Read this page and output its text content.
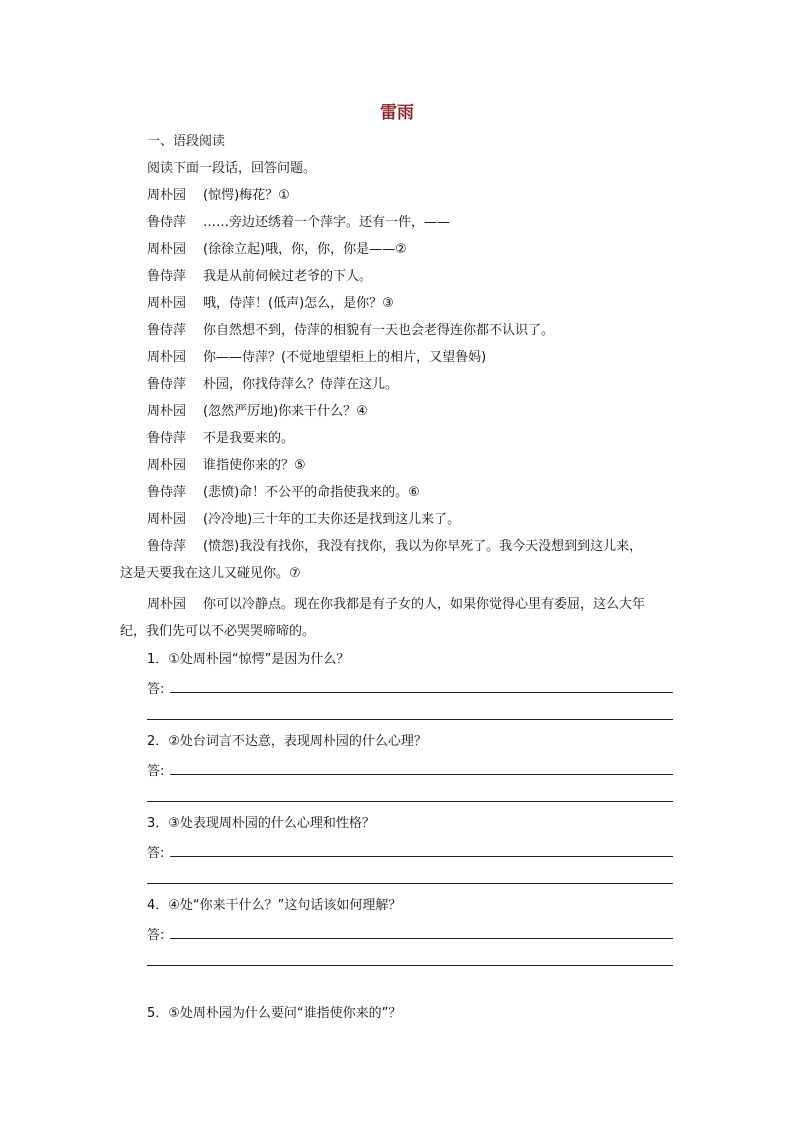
雷雨
一、语段阅读
阅读下面一段话，回答问题。
周朴园 (惊愕)梅花？①
鲁侍萍 ……旁边还绣着一个萍字。还有一件，——
周朴园 (徐徐立起)哦，你，你，你是——②
鲁侍萍 我是从前伺候过老爷的下人。
周朴园 哦，侍萍！(低声)怎么，是你？③
鲁侍萍 你自然想不到，侍萍的相貌有一天也会老得连你都不认识了。
周朴园 你——侍萍？(不觉地望望柜上的相片，又望鲁妈)
鲁侍萍 朴园，你找侍萍么？侍萍在这儿。
周朴园 (忽然严厉地)你来干什么？④
鲁侍萍 不是我要来的。
周朴园 谁指使你来的？⑤
鲁侍萍 (悲愤)命！不公平的命指使我来的。⑥
周朴园 (冷冷地)三十年的工夫你还是找到这儿来了。
鲁侍萍 (愤怨)我没有找你，我没有找你，我以为你早死了。我今天没想到到这儿来，
这是天要我在这儿又碰见你。⑦
周朴园 你可以冷静点。现在你我都是有子女的人，如果你觉得心里有委屈，这么大年
纪，我们先可以不必哭哭啼啼的。
1．①处周朴园“惊愕”是因为什么？
答:
2．②处台词言不达意，表现周朴园的什么心理？
答:
3．③处表现周朴园的什么心理和性格？
答:
4．④处“你来干什么？”这句话该如何理解？
答:
5．⑤处周朴园为什么要问“谁指使你来的”？
